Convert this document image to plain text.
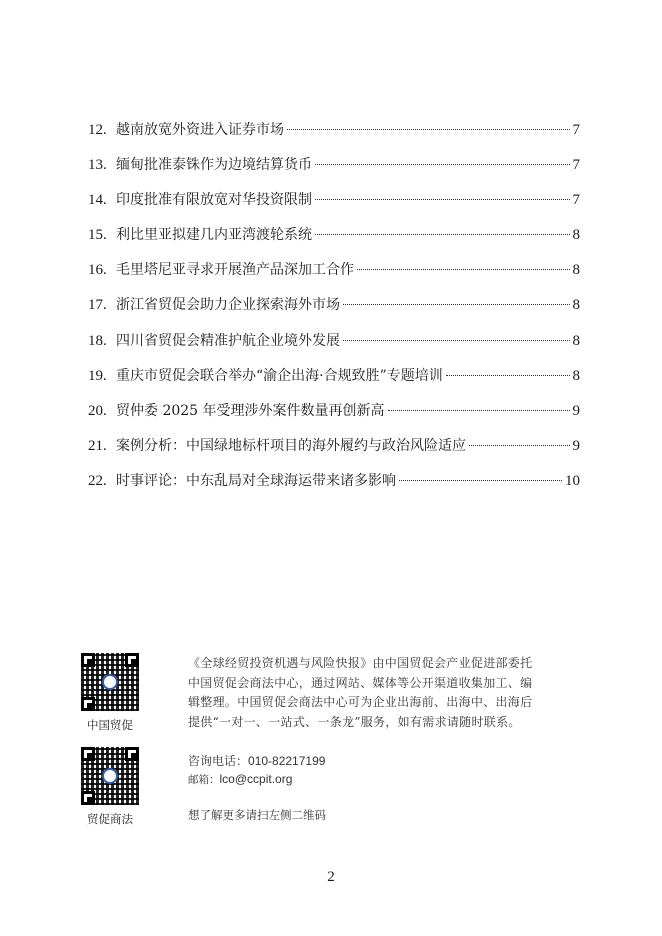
12. 越南放宽外资进入证券市场	7
13. 缅甸批准泰铢作为边境结算货币	7
14. 印度批准有限放宽对华投资限制	7
15. 利比里亚拟建几内亚湾渡轮系统	8
16. 毛里塔尼亚寻求开展渔产品深加工合作	8
17. 浙江省贸促会助力企业探索海外市场	8
18. 四川省贸促会精准护航企业境外发展	8
19. 重庆市贸促会联合举办“渝企出海·合规致胜”专题培训	8
20. 贸仲委 2025 年受理涉外案件数量再创新高	9
21. 案例分析：中国绿地标杆项目的海外履约与政治风险适应	9
22. 时事评论：中东乱局对全球海运带来诸多影响	10
中国贸促
贸促商法

《全球经贸投资机遇与风险快报》由中国贸促会产业促进部委托

中国贸促会商法中心，通过网站、媒体等公开渠道收集加工、编

辑整理。中国贸促会商法中心可为企业出海前、出海中、出海后

提供“一对一、一站式、一条龙”服务，如有需求请随时联系。

咨询电话：010-82217199
邮箱：lco@ccpit.org
想了解更多请扫左侧二维码
2
